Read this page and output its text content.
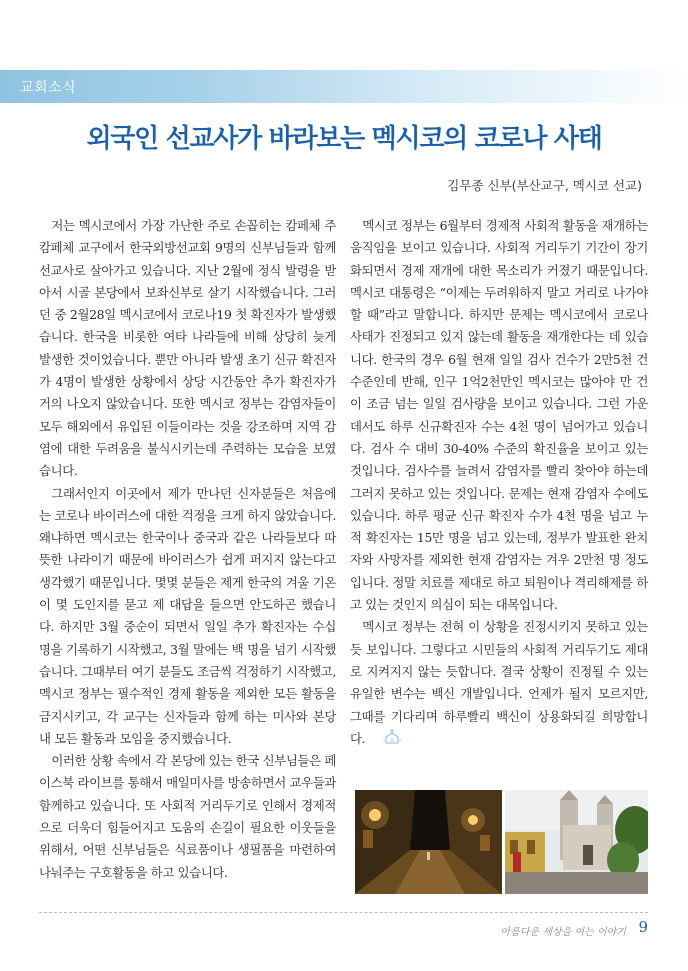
교회소식
외국인 선교사가 바라보는 멕시코의 코로나 사태
김무종 신부(부산교구, 멕시코 선교)

저는 멕시코에서 가장 가난한 주로 손꼽히는 캄페체 주 캄페체 교구에서 한국외방선교회 9명의 신부님들과 함께 선교사로 살아가고 있습니다. 지난 2월에 정식 발령을 받아서 시골 본당에서 보좌신부로 살기 시작했습니다. 그러던 중 2월28일 멕시코에서 코로나19 첫 확진자가 발생했습니다. 한국을 비롯한 여타 나라들에 비해 상당히 늦게 발생한 것이었습니다. 뿐만 아니라 발생 초기 신규 확진자가 4명이 발생한 상황에서 상당 시간동안 추가 확진자가 거의 나오지 않았습니다. 또한 멕시코 정부는 감염자들이 모두 해외에서 유입된 이들이라는 것을 강조하며 지역 감염에 대한 두려움을 불식시키는데 주력하는 모습을 보였습니다.

그래서인지 이곳에서 제가 만나던 신자분들은 처음에는 코로나 바이러스에 대한 걱정을 크게 하지 않았습니다. 왜냐하면 멕시코는 한국이나 중국과 같은 나라들보다 따뜻한 나라이기 때문에 바이러스가 쉽게 퍼지지 않는다고 생각했기 때문입니다. 몇몇 분들은 제게 한국의 겨울 기온이 몇 도인지를 묻고 제 대답을 들으면 안도하곤 했습니다. 하지만 3월 중순이 되면서 일일 추가 확진자는 수십 명을 기록하기 시작했고, 3월 말에는 백 명을 넘기 시작했습니다. 그때부터 여기 분들도 조금씩 걱정하기 시작했고, 멕시코 정부는 필수적인 경제 활동을 제외한 모든 활동을 금지시키고, 각 교구는 신자들과 함께 하는 미사와 본당 내 모든 활동과 모임을 중지했습니다.

이러한 상황 속에서 각 본당에 있는 한국 신부님들은 페이스북 라이브를 통해서 매일미사를 방송하면서 교우들과 함께하고 있습니다. 또 사회적 거리두기로 인해서 경제적으로 더욱더 힘들어지고 도움의 손길이 필요한 이웃들을 위해서, 어떤 신부님들은 식료품이나 생필품을 마련하여 나눠주는 구호활동을 하고 있습니다.

멕시코 정부는 6월부터 경제적 사회적 활동을 재개하는 움직임을 보이고 있습니다. 사회적 거리두기 기간이 장기화되면서 경제 재개에 대한 목소리가 커졌기 때문입니다. 멕시코 대통령은 “이제는 두려워하지 말고 거리로 나가야 할 때”라고 말합니다. 하지만 문제는 멕시코에서 코로나 사태가 진정되고 있지 않는데 활동을 재개한다는 데 있습니다. 한국의 경우 6월 현재 일일 검사 건수가 2만5천 건 수준인데 반해, 인구 1억2천만인 멕시코는 많아야 만 건이 조금 넘는 일일 검사량을 보이고 있습니다. 그런 가운데서도 하루 신규확진자 수는 4천 명이 넘어가고 있습니다. 검사 수 대비 30-40% 수준의 확진율을 보이고 있는 것입니다. 검사수를 늘려서 감염자를 빨리 찾아야 하는데 그러지 못하고 있는 것입니다. 문제는 현재 감염자 수에도 있습니다. 하루 평균 신규 확진자 수가 4천 명을 넘고 누적 확진자는 15만 명을 넘고 있는데, 정부가 발표한 완치자와 사망자를 제외한 현재 감염자는 겨우 2만천 명 정도입니다. 정말 치료를 제대로 하고 퇴원이나 격리해제를 하고 있는 것인지 의심이 되는 대목입니다.

멕시코 정부는 전혀 이 상황을 진정시키지 못하고 있는 듯 보입니다. 그렇다고 시민들의 사회적 거리두기도 제대로 지켜지지 않는 듯합니다. 결국 상황이 진정될 수 있는 유일한 변수는 백신 개발입니다. 언제가 될지 모르지만, 그때를 기다리며 하루빨리 백신이 상용화되길 희망합니다.

아름다운 세상을 여는 이야기 9
